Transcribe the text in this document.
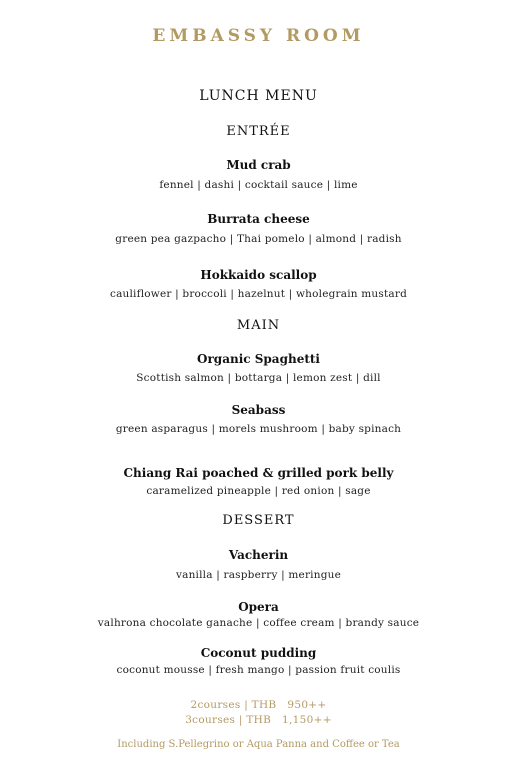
EMBASSY ROOM
LUNCH MENU
ENTRÉE
Mud crab
fennel | dashi | cocktail sauce | lime
Burrata cheese
green pea gazpacho | Thai pomelo | almond | radish
Hokkaido scallop
cauliflower | broccoli | hazelnut | wholegrain mustard
MAIN
Organic Spaghetti
Scottish salmon | bottarga | lemon zest | dill
Seabass
green asparagus | morels mushroom | baby spinach
Chiang Rai poached & grilled pork belly
caramelized pineapple | red onion | sage
DESSERT
Vacherin
vanilla | raspberry | meringue
Opera
valhrona chocolate ganache | coffee cream | brandy sauce
Coconut pudding
coconut mousse | fresh mango | passion fruit coulis
2courses | THB   950++
3courses | THB   1,150++
Including S.Pellegrino or Aqua Panna and Coffee or Tea
